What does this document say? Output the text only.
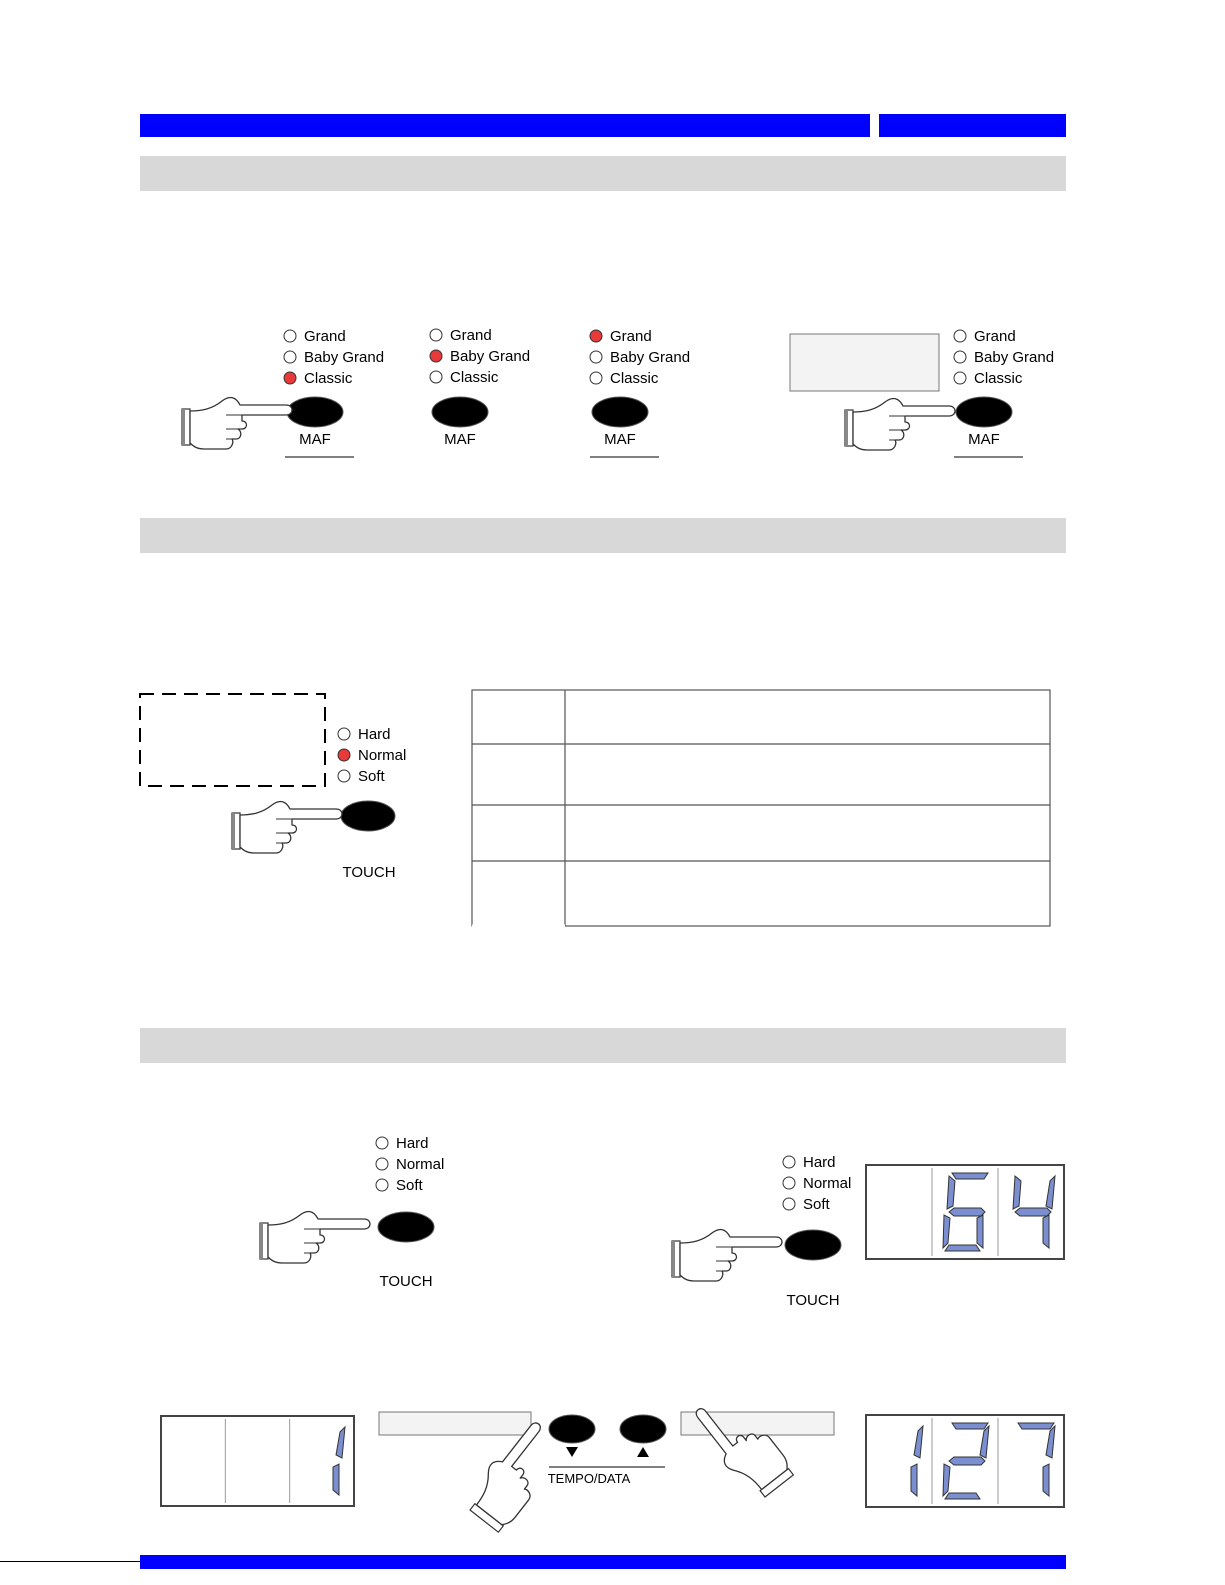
Grand
Baby Grand
Classic
MAF
Grand
Baby Grand
Classic
MAF
Grand
Baby Grand
Classic
MAF
Grand
Baby Grand
Classic
MAF
Hard
Normal
Soft
TOUCH
Hard
Normal
Soft
TOUCH
Hard
Normal
Soft
TOUCH
TEMPO/DATA
